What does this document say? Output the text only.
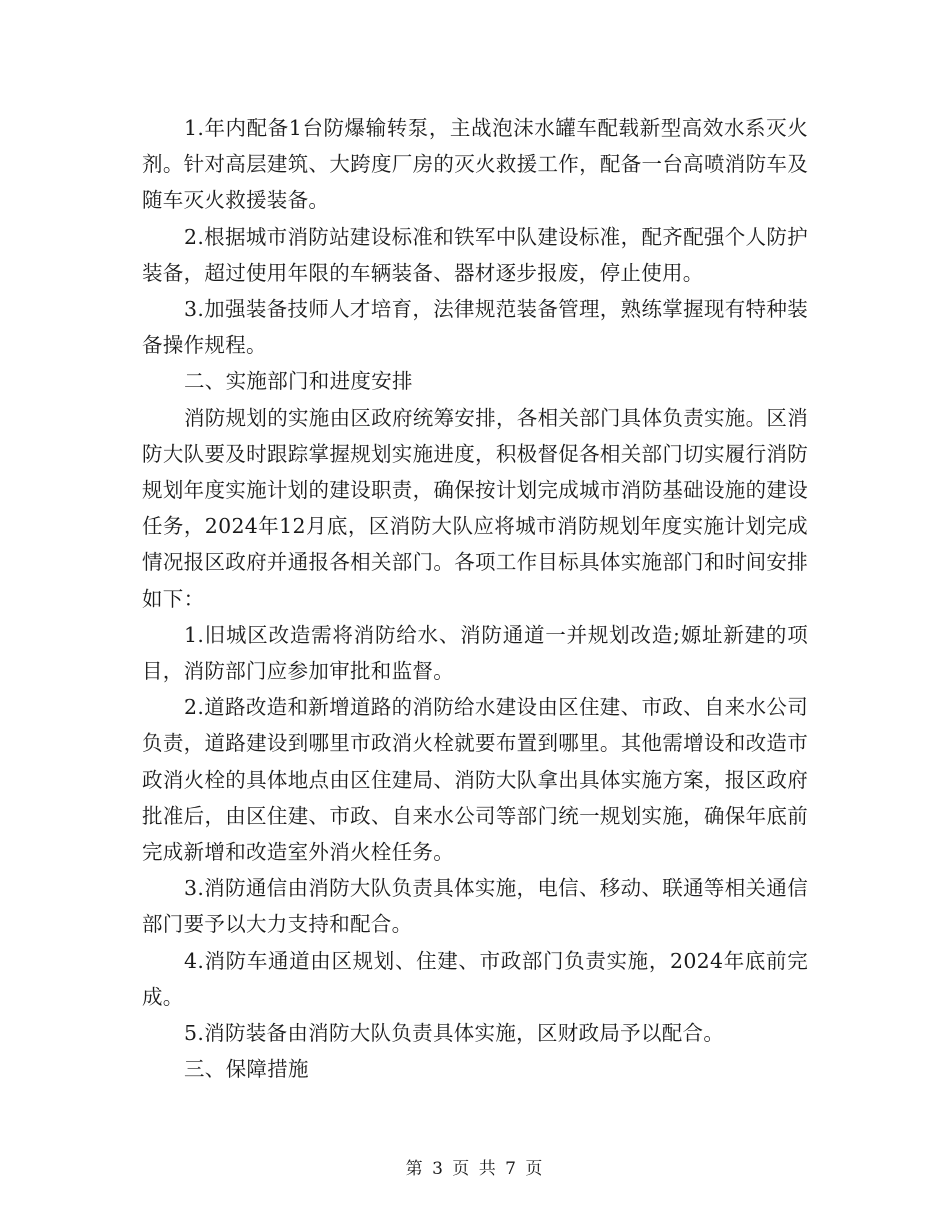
1.年内配备1台防爆输转泵，主战泡沫水罐车配载新型高效水系灭火剂。针对高层建筑、大跨度厂房的灭火救援工作，配备一台高喷消防车及随车灭火救援装备。

2.根据城市消防站建设标准和铁军中队建设标准，配齐配强个人防护装备，超过使用年限的车辆装备、器材逐步报废，停止使用。

3.加强装备技师人才培育，法律规范装备管理，熟练掌握现有特种装备操作规程。

二、实施部门和进度安排

消防规划的实施由区政府统筹安排，各相关部门具体负责实施。区消防大队要及时跟踪掌握规划实施进度，积极督促各相关部门切实履行消防规划年度实施计划的建设职责，确保按计划完成城市消防基础设施的建设任务，2024年12月底，区消防大队应将城市消防规划年度实施计划完成情况报区政府并通报各相关部门。各项工作目标具体实施部门和时间安排如下：

1.旧城区改造需将消防给水、消防通道一并规划改造;嫄址新建的项目，消防部门应参加审批和监督。

2.道路改造和新增道路的消防给水建设由区住建、市政、自来水公司负责，道路建设到哪里市政消火栓就要布置到哪里。其他需增设和改造市政消火栓的具体地点由区住建局、消防大队拿出具体实施方案，报区政府批准后，由区住建、市政、自来水公司等部门统一规划实施，确保年底前完成新增和改造室外消火栓任务。

3.消防通信由消防大队负责具体实施，电信、移动、联通等相关通信部门要予以大力支持和配合。

4.消防车通道由区规划、住建、市政部门负责实施，2024年底前完成。

5.消防装备由消防大队负责具体实施，区财政局予以配合。

三、保障措施

第 3 页 共 7 页
